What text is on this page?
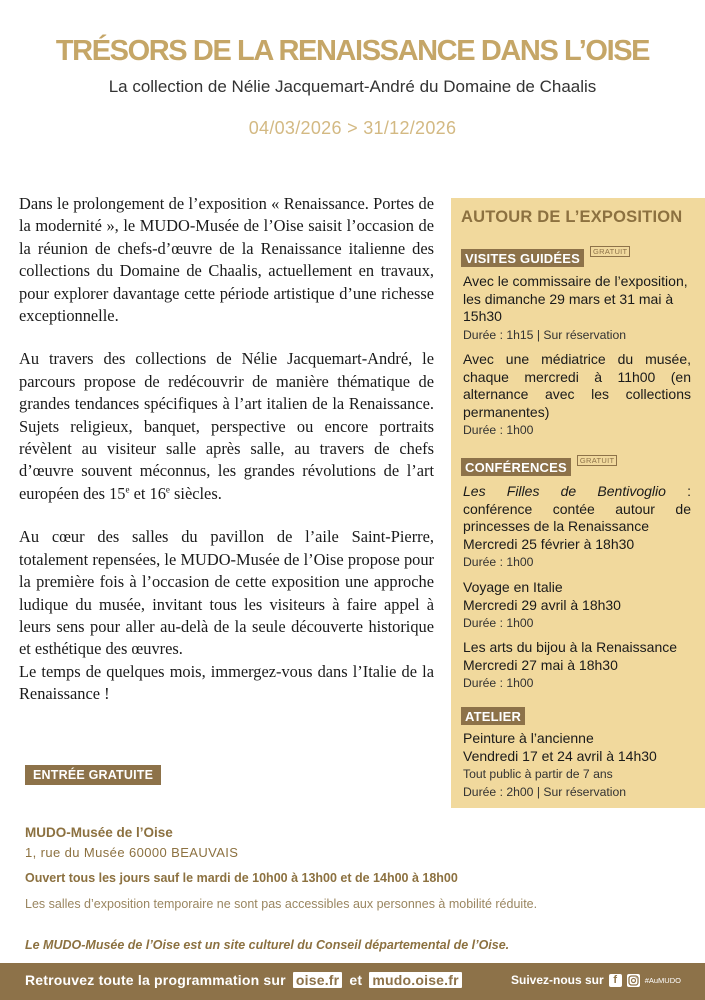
TRÉSORS DE LA RENAISSANCE DANS L’OISE
La collection de Nélie Jacquemart-André du Domaine de Chaalis
04/03/2026 > 31/12/2026

Dans le prolongement de l’exposition « Renaissance. Portes de la modernité », le MUDO-Musée de l’Oise saisit l’occasion de la réunion de chefs-d’œuvre de la Renaissance italienne des collections du Domaine de Chaalis, actuellement en travaux, pour explorer davantage cette période artistique d’une richesse exceptionnelle.

Au travers des collections de Nélie Jacquemart-André, le parcours propose de redécouvrir de manière thématique de grandes tendances spécifiques à l’art italien de la Renaissance. Sujets religieux, banquet, perspective ou encore portraits révèlent au visiteur salle après salle, au travers de chefs d’œuvre souvent méconnus, les grandes révolutions de l’art européen des 15e et 16e siècles.

Au cœur des salles du pavillon de l’aile Saint-Pierre, totalement repensées, le MUDO-Musée de l’Oise propose pour la première fois à l’occasion de cette exposition une approche ludique du musée, invitant tous les visiteurs à faire appel à leurs sens pour aller au-delà de la seule découverte historique et esthétique des œuvres.

Le temps de quelques mois, immergez-vous dans l’Italie de la Renaissance !

AUTOUR DE L’EXPOSITION
VISITES GUIDÉES	GRATUIT
Avec le commissaire de l’exposition, les dimanche 29 mars et 31 mai à 15h30
Durée : 1h15 | Sur réservation
Avec une médiatrice du musée, chaque mercredi à 11h00 (en alternance avec les collections permanentes)
Durée : 1h00
CONFÉRENCES	GRATUIT
Les Filles de Bentivoglio : conférence contée autour de princesses de la Renaissance
Mercredi 25 février à 18h30
Durée : 1h00
Voyage en Italie
Mercredi 29 avril à 18h30
Durée : 1h00
Les arts du bijou à la Renaissance
Mercredi 27 mai à 18h30
Durée : 1h00
ATELIER
Peinture à l’ancienne
Vendredi 17 et 24 avril à 14h30
Tout public à partir de 7 ans
Durée : 2h00 | Sur réservation
ENTRÉE GRATUITE
MUDO-Musée de l’Oise
1, rue du Musée 60000 BEAUVAIS
Ouvert tous les jours sauf le mardi de 10h00 à 13h00 et de 14h00 à 18h00
Les salles d’exposition temporaire ne sont pas accessibles aux personnes à mobilité réduite.
Le MUDO-Musée de l’Oise est un site culturel du Conseil départemental de l’Oise.
Retrouvez toute la programmation sur oise.fr et mudo.oise.fr	Suivez-nous sur f	#AuMUDO
